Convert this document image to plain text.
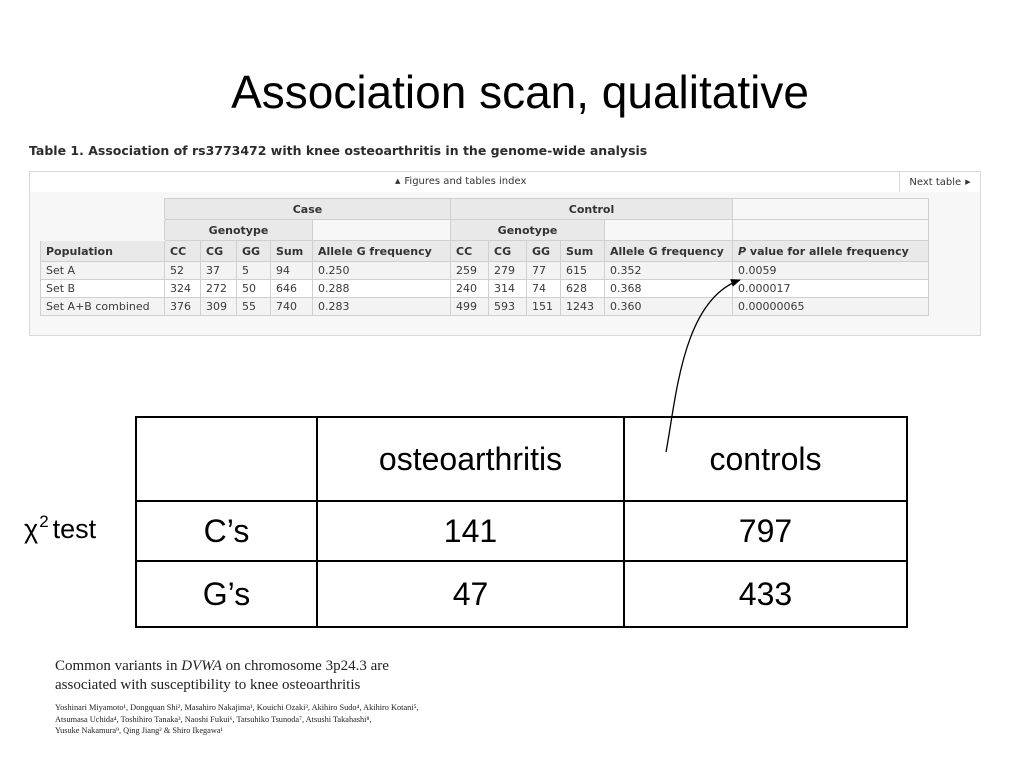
Association scan, qualitative
Table 1. Association of rs3773472 with knee osteoarthritis in the genome-wide analysis
▲ Figures and tables index	Next table ▶
	Case					Control					
	Genotype					Genotype					
Population	CC	CG	GG	Sum	Allele G frequency	CC	CG	GG	Sum	Allele G frequency	P value for allele frequency
Set A	52	37	5	94	0.250	259	279	77	615	0.352	0.0059
Set B	324	272	50	646	0.288	240	314	74	628	0.368	0.000017
Set A+B combined	376	309	55	740	0.283	499	593	151	1243	0.360	0.00000065
$\chi^2$ test
	osteoarthritis	controls
C’s	141	797
G’s	47	433
Common variants in DVWA on chromosome 3p24.3 are
associated with susceptibility to knee osteoarthritis
Yoshinari Miyamoto¹, Dongquan Shi², Masahiro Nakajima¹, Kouichi Ozaki³, Akihiro Sudo⁴, Akihiro Kotani⁵,
Atsumasa Uchida⁴, Toshihiro Tanaka³, Naoshi Fukui⁶, Tatsuhiko Tsunoda⁷, Atsushi Takahashi⁸,
Yusuke Nakamura⁹, Qing Jiang² & Shiro Ikegawa¹
